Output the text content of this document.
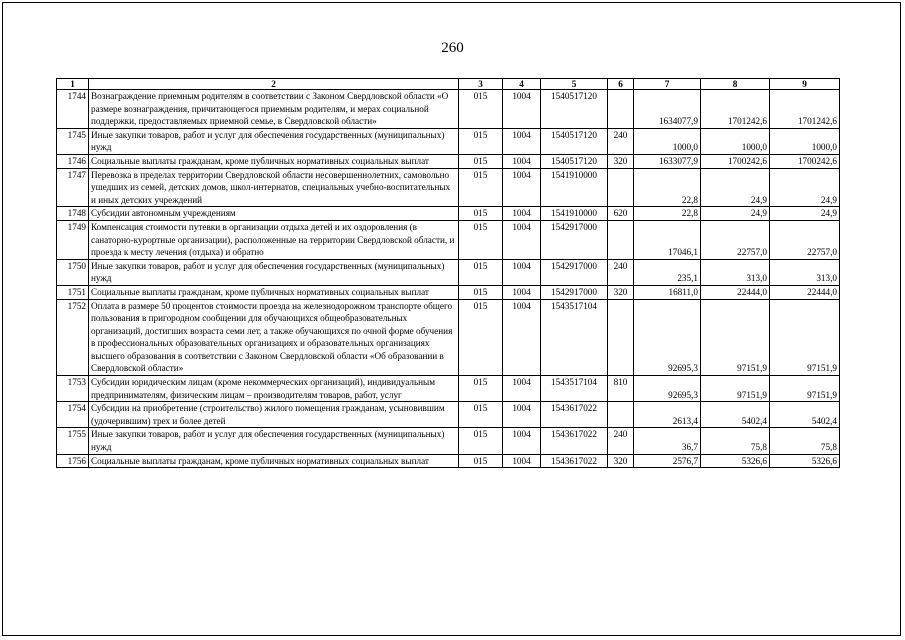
260
1	2	3	4	5	6	7	8	9
1744	Вознаграждение приемным родителям в соответствии с Законом Свердловской области «О размере вознаграждения, причитающегося приемным родителям, и мерах социальной поддержки, предоставляемых приемной семье, в Свердловской области»	015	1004	1540517120		1634077,9	1701242,6	1701242,6
1745	Иные закупки товаров, работ и услуг для обеспечения государственных (муниципальных) нужд	015	1004	1540517120	240	1000,0	1000,0	1000,0
1746	Социальные выплаты гражданам, кроме публичных нормативных социальных выплат	015	1004	1540517120	320	1633077,9	1700242,6	1700242,6
1747	Перевозка в пределах территории Свердловской области несовершеннолетних, самовольно ушедших из семей, детских домов, школ-интернатов, специальных учебно-воспитательных и иных детских учреждений	015	1004	1541910000		22,8	24,9	24,9
1748	Субсидии автономным учреждениям	015	1004	1541910000	620	22,8	24,9	24,9
1749	Компенсация стоимости путевки в организации отдыха детей и их оздоровления (в санаторно-курортные организации), расположенные на территории Свердловской области, и проезда к месту лечения (отдыха) и обратно	015	1004	1542917000		17046,1	22757,0	22757,0
1750	Иные закупки товаров, работ и услуг для обеспечения государственных (муниципальных) нужд	015	1004	1542917000	240	235,1	313,0	313,0
1751	Социальные выплаты гражданам, кроме публичных нормативных социальных выплат	015	1004	1542917000	320	16811,0	22444,0	22444,0
1752	Оплата в размере 50 процентов стоимости проезда на железнодорожном транспорте общего пользования в пригородном сообщении для обучающихся общеобразовательных организаций, достигших возраста семи лет, а также обучающихся по очной форме обучения в профессиональных образовательных организациях и образовательных организациях высшего образования в соответствии с Законом Свердловской области «Об образовании в Свердловской области»	015	1004	1543517104		92695,3	97151,9	97151,9
1753	Субсидии юридическим лицам (кроме некоммерческих организаций), индивидуальным предпринимателям, физическим лицам – производителям товаров, работ, услуг	015	1004	1543517104	810	92695,3	97151,9	97151,9
1754	Субсидии на приобретение (строительство) жилого помещения гражданам, усыновившим (удочерившим) трех и более детей	015	1004	1543617022		2613,4	5402,4	5402,4
1755	Иные закупки товаров, работ и услуг для обеспечения государственных (муниципальных) нужд	015	1004	1543617022	240	36,7	75,8	75,8
1756	Социальные выплаты гражданам, кроме публичных нормативных социальных выплат	015	1004	1543617022	320	2576,7	5326,6	5326,6
